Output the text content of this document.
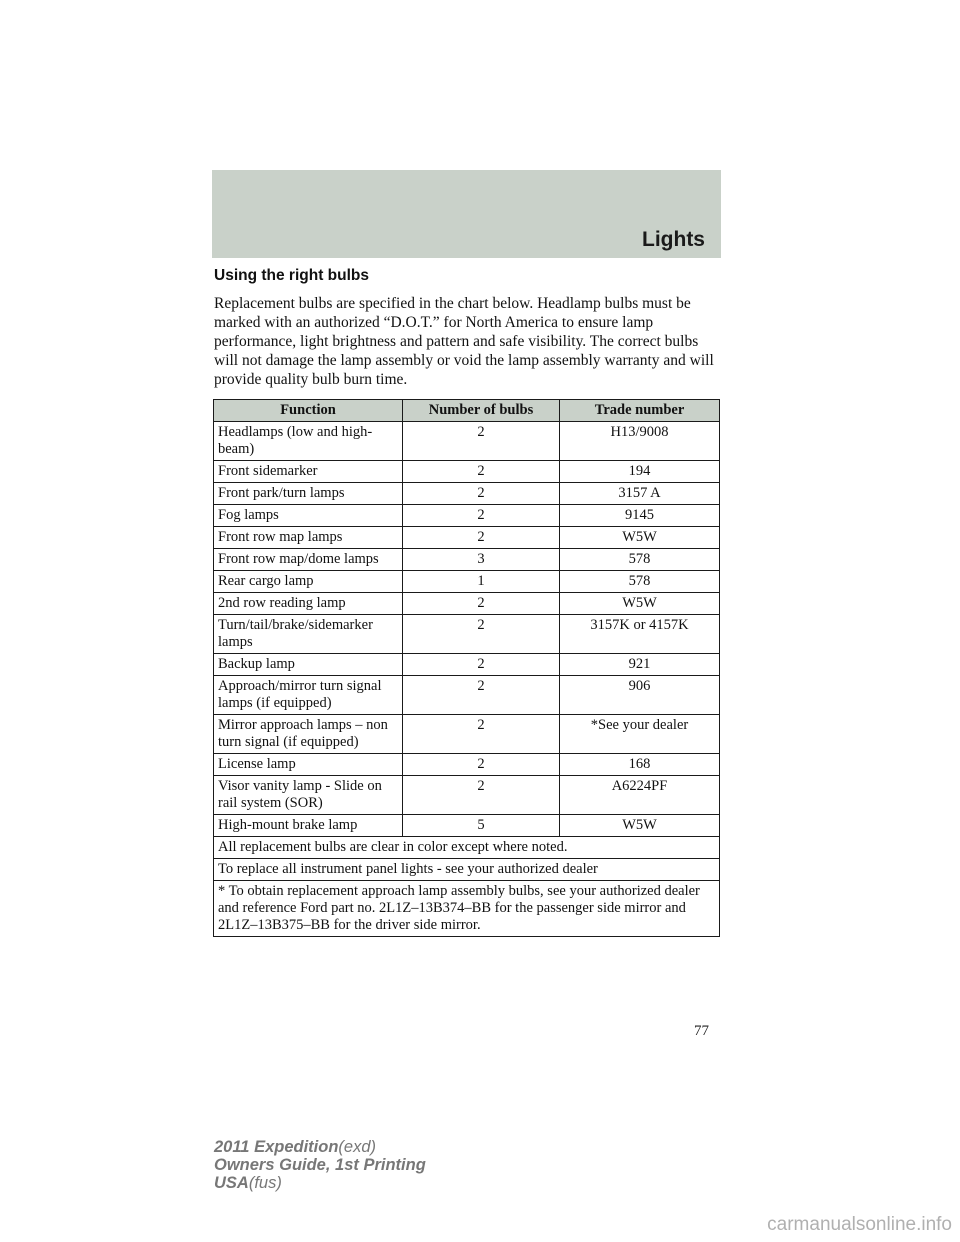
Lights
Using the right bulbs

Replacement bulbs are specified in the chart below. Headlamp bulbs must be marked with an authorized “D.O.T.” for North America to ensure lamp performance, light brightness and pattern and safe visibility. The correct bulbs will not damage the lamp assembly or void the lamp assembly warranty and will provide quality bulb burn time.

Function	Number of bulbs	Trade number
Headlamps (low and high-beam)	2	H13/9008
Front sidemarker	2	194
Front park/turn lamps	2	3157 A
Fog lamps	2	9145
Front row map lamps	2	W5W
Front row map/dome lamps	3	578
Rear cargo lamp	1	578
2nd row reading lamp	2	W5W
Turn/tail/brake/sidemarker lamps	2	3157K or 4157K
Backup lamp	2	921
Approach/mirror turn signal lamps (if equipped)	2	906
Mirror approach lamps – non turn signal (if equipped)	2	*See your dealer
License lamp	2	168
Visor vanity lamp - Slide on rail system (SOR)	2	A6224PF
High-mount brake lamp	5	W5W
All replacement bulbs are clear in color except where noted.		
To replace all instrument panel lights - see your authorized dealer		
* To obtain replacement approach lamp assembly bulbs, see your authorized dealer and reference Ford part no. 2L1Z–13B374–BB for the passenger side mirror and 2L1Z–13B375–BB for the driver side mirror.		
77
2011 Expedition(exd)
Owners Guide, 1st Printing
USA(fus)
carmanualsonline.info
